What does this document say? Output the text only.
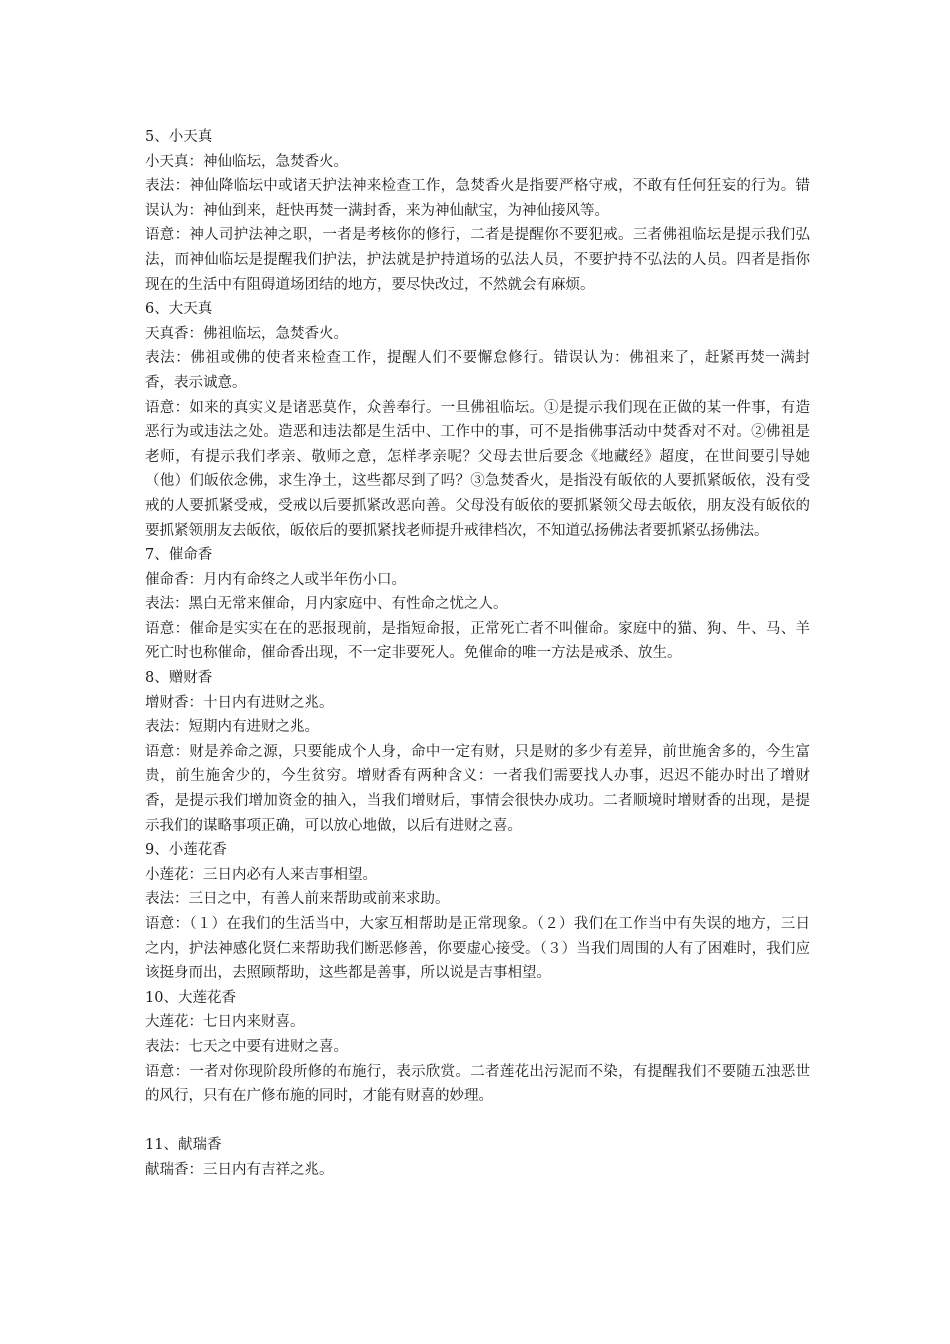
5、小天真

小天真：神仙临坛，急焚香火。

表法：神仙降临坛中或诸天护法神来检查工作，急焚香火是指要严格守戒，不敢有任何狂妄的行为。错误认为：神仙到来，赶快再焚一满封香，来为神仙献宝，为神仙接风等。

语意：神人司护法神之职，一者是考核你的修行，二者是提醒你不要犯戒。三者佛祖临坛是提示我们弘法，而神仙临坛是提醒我们护法，护法就是护持道场的弘法人员，不要护持不弘法的人员。四者是指你现在的生活中有阻碍道场团结的地方，要尽快改过，不然就会有麻烦。

6、大天真

天真香：佛祖临坛，急焚香火。

表法：佛祖或佛的使者来检查工作，提醒人们不要懈怠修行。错误认为：佛祖来了，赶紧再焚一满封香，表示诚意。

语意：如来的真实义是诸恶莫作，众善奉行。一旦佛祖临坛。①是提示我们现在正做的某一件事，有造恶行为或违法之处。造恶和违法都是生活中、工作中的事，可不是指佛事活动中焚香对不对。②佛祖是老师，有提示我们孝亲、敬师之意，怎样孝亲呢？父母去世后要念《地藏经》超度，在世间要引导她（他）们皈依念佛，求生净土，这些都尽到了吗？③急焚香火，是指没有皈依的人要抓紧皈依，没有受戒的人要抓紧受戒，受戒以后要抓紧改恶向善。父母没有皈依的要抓紧领父母去皈依，朋友没有皈依的要抓紧领朋友去皈依，皈依后的要抓紧找老师提升戒律档次，不知道弘扬佛法者要抓紧弘扬佛法。

7、催命香

催命香：月内有命终之人或半年伤小口。

表法：黑白无常来催命，月内家庭中、有性命之忧之人。

语意：催命是实实在在的恶报现前，是指短命报，正常死亡者不叫催命。家庭中的猫、狗、牛、马、羊死亡时也称催命，催命香出现，不一定非要死人。免催命的唯一方法是戒杀、放生。

8、赠财香

增财香：十日内有进财之兆。

表法：短期内有进财之兆。

语意：财是养命之源，只要能成个人身，命中一定有财，只是财的多少有差异，前世施舍多的，今生富贵，前生施舍少的，今生贫穷。增财香有两种含义：一者我们需要找人办事，迟迟不能办时出了增财香，是提示我们增加资金的抽入，当我们增财后，事情会很快办成功。二者顺境时增财香的出现，是提示我们的谋略事项正确，可以放心地做，以后有进财之喜。

9、小莲花香

小莲花：三日内必有人来吉事相望。

表法：三日之中，有善人前来帮助或前来求助。

语意：（１）在我们的生活当中，大家互相帮助是正常现象。（２）我们在工作当中有失误的地方，三日之内，护法神感化贤仁来帮助我们断恶修善，你要虚心接受。（３）当我们周围的人有了困难时，我们应该挺身而出，去照顾帮助，这些都是善事，所以说是吉事相望。

10、大莲花香

大莲花：七日内来财喜。

表法：七天之中要有进财之喜。

语意：一者对你现阶段所修的布施行，表示欣赏。二者莲花出污泥而不染，有提醒我们不要随五浊恶世的风行，只有在广修布施的同时，才能有财喜的妙理。

11、献瑞香

献瑞香：三日内有吉祥之兆。
